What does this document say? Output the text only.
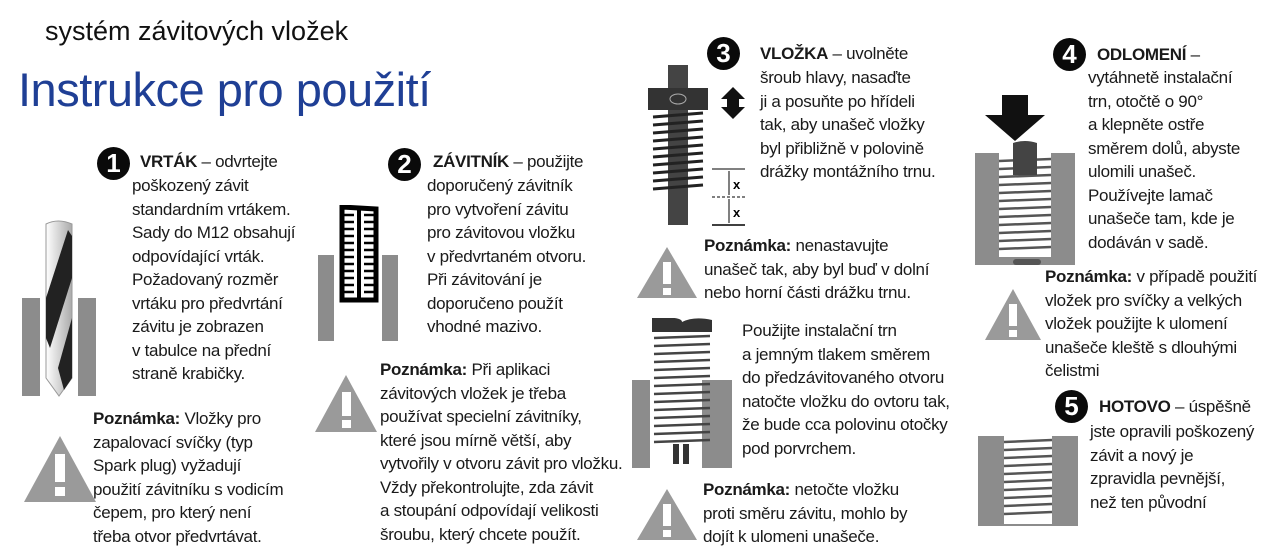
systém závitových vložek
Instrukce pro použití
1	VRTÁK – odvrtejte
poškozený závit
standardním vrtákem.
Sady do M12 obsahují
odpovídající vrták.
Požadovaný rozměr
vrtáku pro předvrtání
závitu je zobrazen
v tabulce na přední
straně krabičky.
Poznámka: Vložky pro
zapalovací svíčky (typ
Spark plug) vyžadují
použití závitníku s vodicím
čepem, pro který není
třeba otvor předvrtávat.
2	ZÁVITNÍK – použijte
doporučený závitník
pro vytvoření závitu
pro závitovou vložku
v předvrtaném otvoru.
Při závitování je
doporučeno použít
vhodné mazivo.
Poznámka: Při aplikaci
závitových vložek je třeba
používat specielní závitníky,
které jsou mírně větší, aby
vytvořily v otvoru závit pro vložku.
Vždy překontrolujte, zda závit
a stoupání odpovídají velikosti
šroubu, který chcete použít.
3	VLOŽKA – uvolněte
šroub hlavy, nasaďte
ji a posuňte po hřídeli
tak, aby unašeč vložky
byl přibližně v polovině
drážky montážního trnu.
x
x
Poznámka: nenastavujte
unašeč tak, aby byl buď v dolní
nebo horní části drážku trnu.
Použijte instalační trn
a jemným tlakem směrem
do předzávitovaného otvoru
natočte vložku do ovtoru tak,
že bude cca polovinu otočky
pod porvrchem.
Poznámka: netočte vložku
proti směru závitu, mohlo by
dojít k ulomeni unašeče.
4	ODLOMENÍ –
vytáhnetě instalační
trn, otočtě o 90°
a klepněte ostře
směrem dolů, abyste
ulomili unašeč.
Používejte lamač
unašeče tam, kde je
dodáván v sadě.
Poznámka: v případě použití
vložek pro svíčky a velkých
vložek použijte k ulomení
unašeče kleště s dlouhými
čelistmi
5	HOTOVO – úspěšně
jste opravili poškozený
závit a nový je
zpravidla pevnější,
než ten původní
